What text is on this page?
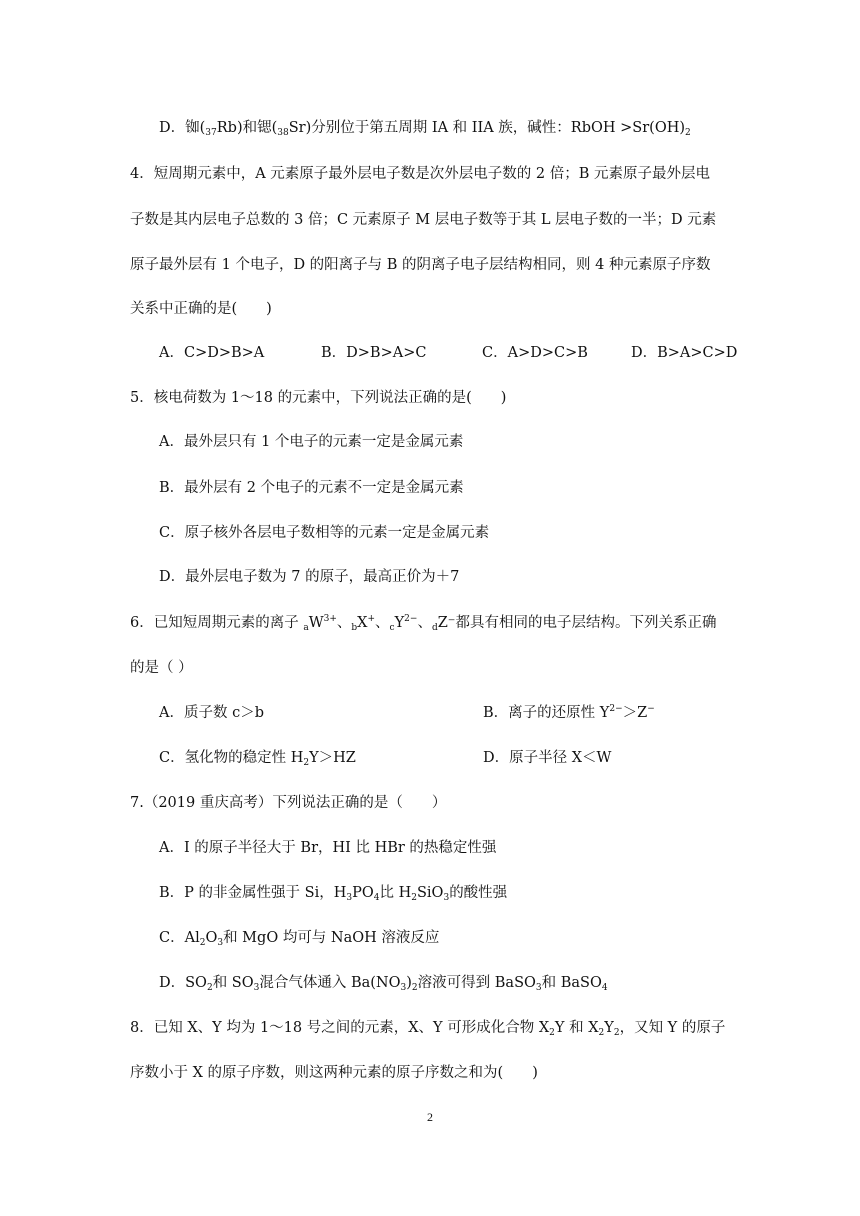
D．铷$(_{37}Rb)$和锶$(_{38}Sr)$分别位于第五周期 IA 和 IIA 族，碱性：RbOH $>Sr(OH)_2$
4．短周期元素中，A 元素原子最外层电子数是次外层电子数的 2 倍；B 元素原子最外层电
子数是其内层电子总数的 3 倍；C 元素原子 M 层电子数等于其 L 层电子数的一半；D 元素
原子最外层有 1 个电子，D 的阳离子与 B 的阴离子电子层结构相同，则 4 种元素原子序数
关系中正确的是(　　)
A．C>D>B>A	B．D>B>A>C	C．A>D>C>B	D．B>A>C>D
5．核电荷数为 1～18 的元素中，下列说法正确的是(　　)
A．最外层只有 1 个电子的元素一定是金属元素
B．最外层有 2 个电子的元素不一定是金属元素
C．原子核外各层电子数相等的元素一定是金属元素
D．最外层电子数为 7 的原子，最高正价为＋7
6．已知短周期元素的离子 $_aW^{3+}$、$_b$X+、$_cY^{2-}$、$_d$Z⁻都具有相同的电子层结构。下列关系正确
的是（ ）
A．质子数 c＞b	B．离子的还原性 $Y^{2-}>Z^-$
C．氢化物的稳定性 $H_2Y>HZ$	D．原子半径 X＜W
7.（2019 重庆高考）下列说法正确的是（　　）
A．I 的原子半径大于 Br，HI 比 HBr 的热稳定性强
B．P 的非金属性强于 Si，$H_3PO_4$比 $H_2SiO_3$的酸性强
C．$Al_2O_3$和 MgO 均可与 NaOH 溶液反应
D．$SO_2$和 $SO_3$混合气体通入 $Ba(NO_3)_2$溶液可得到 BaSO$_3$和 BaSO$_4$
8．已知 X、Y 均为 1～18 号之间的元素，X、Y 可形成化合物 $X_2Y$ 和 $X_2Y_2$，又知 Y 的原子
序数小于 X 的原子序数，则这两种元素的原子序数之和为(　　)
2
